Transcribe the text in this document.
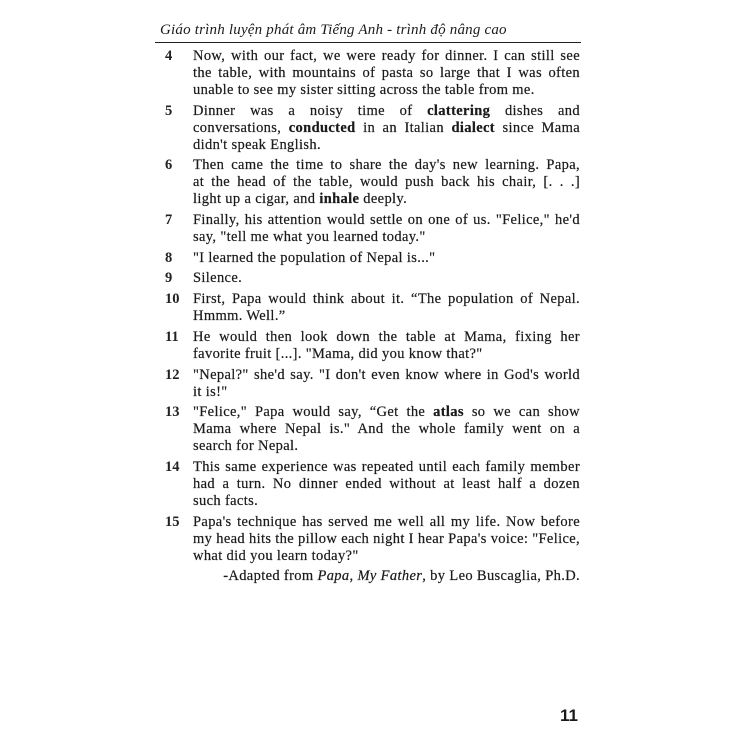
Giáo trình luyện phát âm Tiếng Anh - trình độ nâng cao
4	Now, with our fact, we were ready for dinner. I can still see
the table, with mountains of pasta so large that I was often
unable to see my sister sitting across the table from me.
5	Dinner was a noisy time of clattering dishes and
conversations, conducted in an Italian dialect since Mama
didn't speak English.
6	Then came the time to share the day's new learning. Papa,
at the head of the table, would push back his chair, [. . .]
light up a cigar, and inhale deeply.
7	Finally, his attention would settle on one of us. "Felice," he'd
say, "tell me what you learned today."
8	"I learned the population of Nepal is..."
9	Silence.
10 First, Papa would think about it. “The population of Nepal.
Hmmm. Well.”
11 He would then look down the table at Mama, fixing her
favorite fruit [...]. "Mama, did you know that?"
12 "Nepal?" she'd say. "I don't even know where in God's world
it is!"
13 "Felice," Papa would say, “Get the atlas so we can show
Mama where Nepal is." And the whole family went on a
search for Nepal.
14 This same experience was repeated until each family member
had a turn. No dinner ended without at least half a dozen
such facts.
15 Papa's technique has served me well all my life. Now before
my head hits the pillow each night I hear Papa's voice: "Felice,
what did you learn today?"
-Adapted from Papa, My Father, by Leo Buscaglia, Ph.D.
11
